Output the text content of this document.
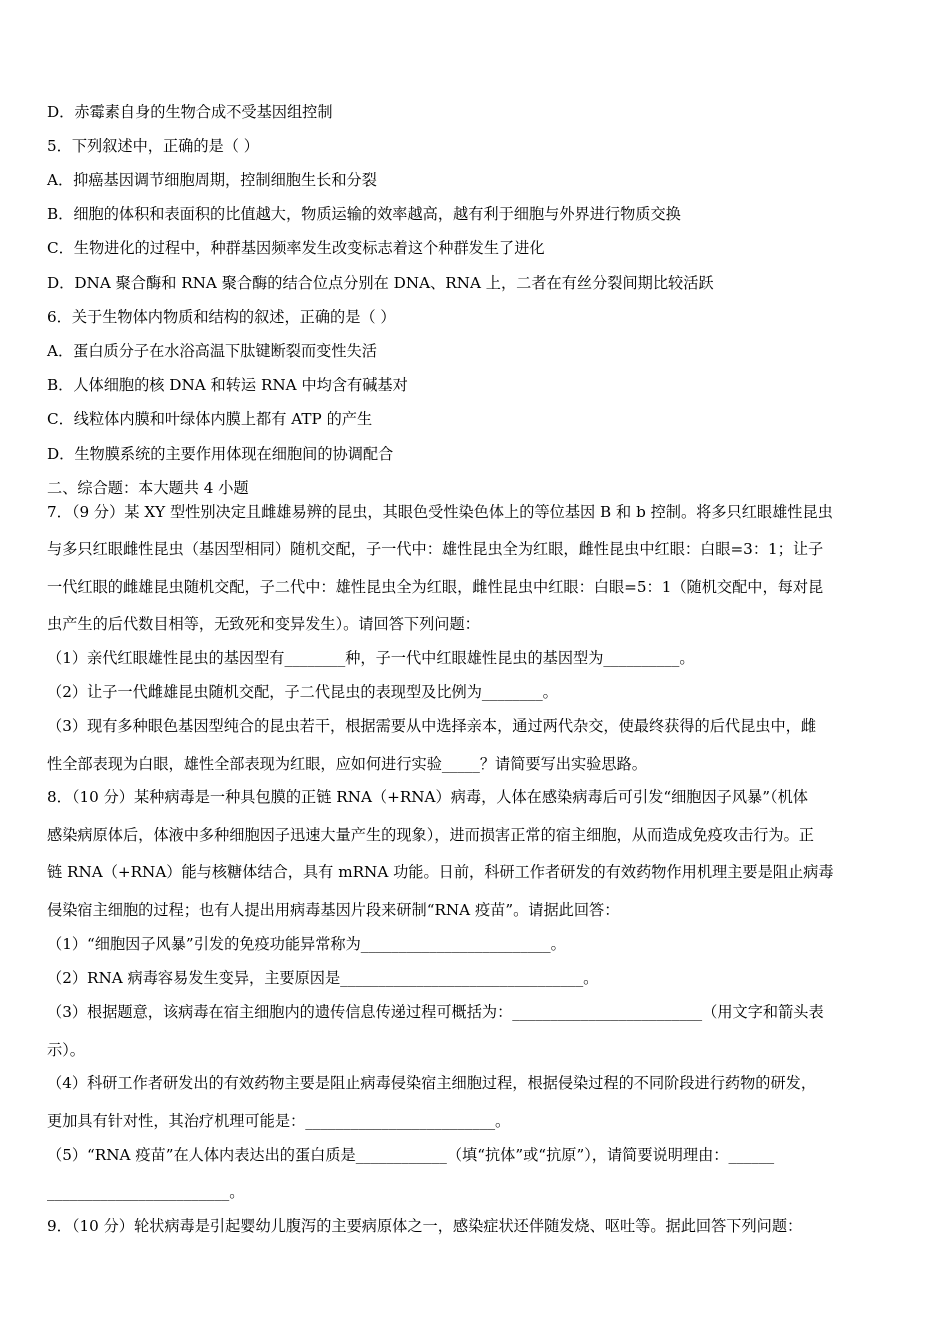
D．赤霉素自身的生物合成不受基因组控制
5．下列叙述中，正确的是（ ）
A．抑癌基因调节细胞周期，控制细胞生长和分裂
B．细胞的体积和表面积的比值越大，物质运输的效率越高，越有利于细胞与外界进行物质交换
C．生物进化的过程中，种群基因频率发生改变标志着这个种群发生了进化
D．DNA 聚合酶和 RNA 聚合酶的结合位点分别在 DNA、RNA 上，二者在有丝分裂间期比较活跃
6．关于生物体内物质和结构的叙述，正确的是（ ）
A．蛋白质分子在水浴高温下肽键断裂而变性失活
B．人体细胞的核 DNA 和转运 RNA 中均含有碱基对
C．线粒体内膜和叶绿体内膜上都有 ATP 的产生
D．生物膜系统的主要作用体现在细胞间的协调配合
二、综合题：本大题共 4 小题
7．（9 分）某 XY 型性别决定且雌雄易辨的昆虫，其眼色受性染色体上的等位基因 B 和 b 控制。将多只红眼雄性昆虫
与多只红眼雌性昆虫（基因型相同）随机交配，子一代中：雄性昆虫全为红眼，雌性昆虫中红眼：白眼=3：1；让子
一代红眼的雌雄昆虫随机交配，子二代中：雄性昆虫全为红眼，雌性昆虫中红眼：白眼=5：1（随机交配中，每对昆
虫产生的后代数目相等，无致死和变异发生）。请回答下列问题：
（1）亲代红眼雄性昆虫的基因型有________种，子一代中红眼雄性昆虫的基因型为__________。
（2）让子一代雌雄昆虫随机交配，子二代昆虫的表现型及比例为________。
（3）现有多种眼色基因型纯合的昆虫若干，根据需要从中选择亲本，通过两代杂交，使最终获得的后代昆虫中，雌
性全部表现为白眼，雄性全部表现为红眼，应如何进行实验_____？请简要写出实验思路。
8．（10 分）某种病毒是一种具包膜的正链 RNA（+RNA）病毒，人体在感染病毒后可引发“细胞因子风暴”（机体
感染病原体后，体液中多种细胞因子迅速大量产生的现象），进而损害正常的宿主细胞，从而造成免疫攻击行为。正
链 RNA（+RNA）能与核糖体结合，具有 mRNA 功能。日前，科研工作者研发的有效药物作用机理主要是阻止病毒
侵染宿主细胞的过程；也有人提出用病毒基因片段来研制“RNA 疫苗”。请据此回答：
（1）“细胞因子风暴”引发的免疫功能异常称为_________________________。
（2）RNA 病毒容易发生变异，主要原因是________________________________。
（3）根据题意，该病毒在宿主细胞内的遗传信息传递过程可概括为：_________________________（用文字和箭头表
示）。
（4）科研工作者研发出的有效药物主要是阻止病毒侵染宿主细胞过程，根据侵染过程的不同阶段进行药物的研发，
更加具有针对性，其治疗机理可能是：_________________________。
（5）“RNA 疫苗”在人体内表达出的蛋白质是____________（填“抗体”或“抗原”），请简要说明理由：______
________________________。
9．（10 分）轮状病毒是引起婴幼儿腹泻的主要病原体之一，感染症状还伴随发烧、呕吐等。据此回答下列问题：
